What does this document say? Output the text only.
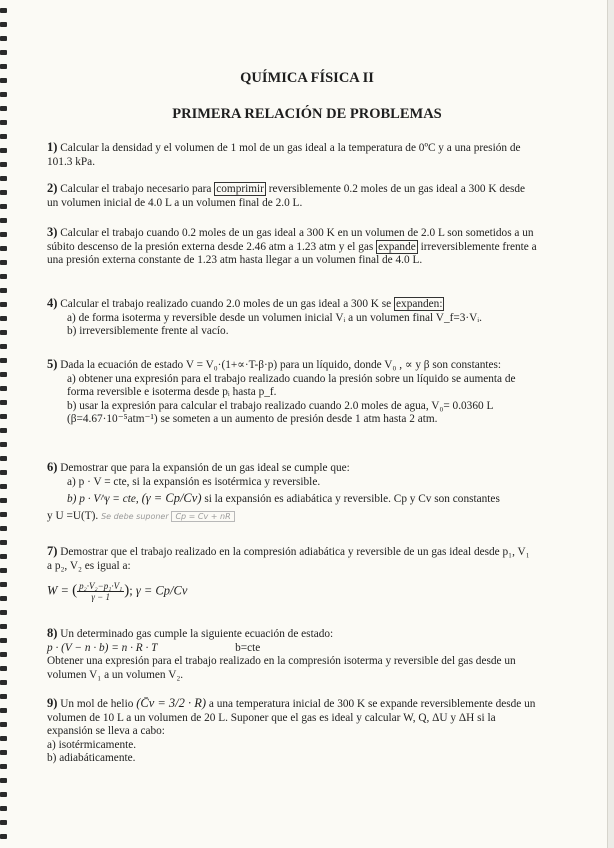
QUÍMICA FÍSICA II
PRIMERA RELACIÓN DE PROBLEMAS
1) Calcular la densidad y el volumen de 1 mol de un gas ideal a la temperatura de 0ºC y a una presión de 101.3 kPa.
2) Calcular el trabajo necesario para comprimir reversiblemente 0.2 moles de un gas ideal a 300 K desde un volumen inicial de 4.0 L a un volumen final de 2.0 L.
3) Calcular el trabajo cuando 0.2 moles de un gas ideal a 300 K en un volumen de 2.0 L son sometidos a un súbito descenso de la presión externa desde 2.46 atm a 1.23 atm y el gas expande irreversiblemente frente a una presión externa constante de 1.23 atm hasta llegar a un volumen final de 4.0 L.
4) Calcular el trabajo realizado cuando 2.0 moles de un gas ideal a 300 K se expanden:
a) de forma isoterma y reversible desde un volumen inicial Vᵢ a un volumen final V_f=3·Vᵢ.
b) irreversiblemente frente al vacío.
5) Dada la ecuación de estado V = V₀·(1+∝·T-β·p) para un líquido, donde V₀ , ∝ y β son constantes:
a) obtener una expresión para el trabajo realizado cuando la presión sobre un líquido se aumenta de forma reversible e isoterma desde pᵢ hasta p_f.
b) usar la expresión para calcular el trabajo realizado cuando 2.0 moles de agua, V₀= 0.0360 L (β=4.67·10⁻⁵atm⁻¹) se someten a un aumento de presión desde 1 atm hasta 2 atm.
6) Demostrar que para la expansión de un gas ideal se cumple que:
a) p · V = cte, si la expansión es isotérmica y reversible.
b) p · V^γ = cte, (γ = Cp/Cv) si la expansión es adiabática y reversible. Cp y Cv son constantes
y U =U(T). Se debe suponer Cp = Cv + nR
7) Demostrar que el trabajo realizado en la compresión adiabática y reversible de un gas ideal desde p₁, V₁ a p₂, V₂ es igual a:
W = ( $\frac{\text{p₂·V₂−p₁·V₁}}{\gamma - 1}$ ); γ = Cp/Cv
8) Un determinado gas cumple la siguiente ecuación de estado:
p · (V − n · b) = n · R · T	b=cte
Obtener una expresión para el trabajo realizado en la compresión isoterma y reversible del gas desde un volumen V₁ a un volumen V₂.
9) Un mol de helio (C̄v = 3/2 · R) a una temperatura inicial de 300 K se expande reversiblemente desde un volumen de 10 L a un volumen de 20 L. Suponer que el gas es ideal y calcular W, Q, ΔU y ΔH si la expansión se lleva a cabo:
a) isotérmicamente.
b) adiabáticamente.
